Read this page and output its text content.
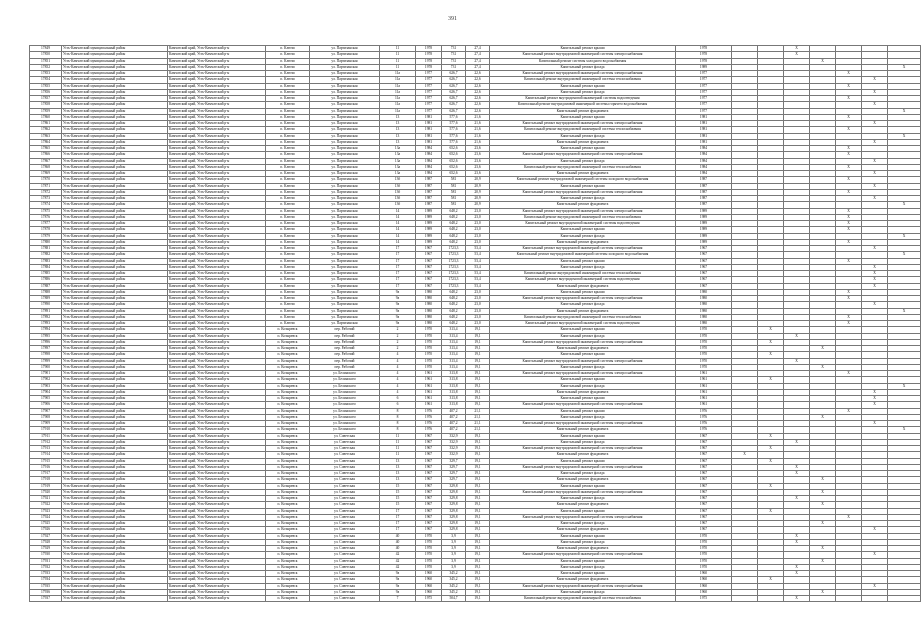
391
17849	Усть-Камчатский муниципальный район	Камчатский край, Усть-Камчатский р-н	п. Ключи	ул. Партизанская	11	1978	731	27,4	Капитальный ремонт крыши	1978			X				
17850	Усть-Камчатский муниципальный район	Камчатский край, Усть-Камчатский р-н	п. Ключи	ул. Партизанская	11	1978	731	27,4	Капитальный ремонт внутридомовой инженерной системы электроснабжения	1978			X				
17851	Усть-Камчатский муниципальный район	Камчатский край, Усть-Камчатский р-н	п. Ключи	ул. Партизанская	11	1978	731	27,4	Капитальный ремонт системы холодного водоснабжения	1978				X			
17852	Усть-Камчатский муниципальный район	Камчатский край, Усть-Камчатский р-н	п. Ключи	ул. Партизанская	11	1978	731	27,4	Капитальный ремонт фасада	1989							X
17853	Усть-Камчатский муниципальный район	Камчатский край, Усть-Камчатский р-н	п. Ключи	ул. Партизанская	11а	1977	626,7	22,6	Капитальный ремонт внутридомовой инженерной системы электроснабжения	1977					X		
17854	Усть-Камчатский муниципальный район	Камчатский край, Усть-Камчатский р-н	п. Ключи	ул. Партизанская	11а	1977	626,7	22,6	Капитальный ремонт внутридомовой инженерной системы теплоснабжения	1977						X	
17855	Усть-Камчатский муниципальный район	Камчатский край, Усть-Камчатский р-н	п. Ключи	ул. Партизанская	11а	1977	626,7	22,6	Капитальный ремонт крыши	1977					X		
17856	Усть-Камчатский муниципальный район	Камчатский край, Усть-Камчатский р-н	п. Ключи	ул. Партизанская	11а	1977	626,7	22,6	Капитальный ремонт фасада	1977						X	
17857	Усть-Камчатский муниципальный район	Камчатский край, Усть-Камчатский р-н	п. Ключи	ул. Партизанская	11а	1977	626,7	22,6	Капитальный ремонт внутридомовой инженерной системы водоотведения	1977					X		
17858	Усть-Камчатский муниципальный район	Камчатский край, Усть-Камчатский р-н	п. Ключи	ул. Партизанская	11а	1977	626,7	22,6	Капитальный ремонт внутридомовой инженерной системы горячего водоснабжения	1977						X	
17859	Усть-Камчатский муниципальный район	Камчатский край, Усть-Камчатский р-н	п. Ключи	ул. Партизанская	11а	1977	626,7	22,6	Капитальный ремонт фундамента	1977							X
17860	Усть-Камчатский муниципальный район	Камчатский край, Усть-Камчатский р-н	п. Ключи	ул. Партизанская	13	1981	577,6	21,6	Капитальный ремонт крыши	1981					X		
17861	Усть-Камчатский муниципальный район	Камчатский край, Усть-Камчатский р-н	п. Ключи	ул. Партизанская	13	1981	577,6	21,6	Капитальный ремонт внутридомовой инженерной системы электроснабжения	1981						X	
17862	Усть-Камчатский муниципальный район	Камчатский край, Усть-Камчатский р-н	п. Ключи	ул. Партизанская	13	1981	577,6	21,6	Капитальный ремонт внутридомовой инженерной системы теплоснабжения	1981					X		
17863	Усть-Камчатский муниципальный район	Камчатский край, Усть-Камчатский р-н	п. Ключи	ул. Партизанская	13	1981	577,6	21,6	Капитальный ремонт фасада	1981							X
17864	Усть-Камчатский муниципальный район	Камчатский край, Усть-Камчатский р-н	п. Ключи	ул. Партизанская	13	1981	577,6	21,6	Капитальный ремонт фундамента	1981						X	
17865	Усть-Камчатский муниципальный район	Камчатский край, Усть-Камчатский р-н	п. Ключи	ул. Партизанская	13а	1984	652,6	23,6	Капитальный ремонт крыши	1984					X		
17866	Усть-Камчатский муниципальный район	Камчатский край, Усть-Камчатский р-н	п. Ключи	ул. Партизанская	13а	1984	652,6	23,6	Капитальный ремонт внутридомовой инженерной системы электроснабжения	1984					X		
17867	Усть-Камчатский муниципальный район	Камчатский край, Усть-Камчатский р-н	п. Ключи	ул. Партизанская	13а	1984	652,6	23,6	Капитальный ремонт фасада	1984						X	
17868	Усть-Камчатский муниципальный район	Камчатский край, Усть-Камчатский р-н	п. Ключи	ул. Партизанская	13а	1984	652,6	23,6	Капитальный ремонт внутридомовой инженерной системы теплоснабжения	1984					X		
17869	Усть-Камчатский муниципальный район	Камчатский край, Усть-Камчатский р-н	п. Ключи	ул. Партизанская	13а	1984	652,6	23,6	Капитальный ремонт фундамента	1984						X	
17870	Усть-Камчатский муниципальный район	Камчатский край, Усть-Камчатский р-н	п. Ключи	ул. Партизанская	13б	1987	581	20,9	Капитальный ремонт внутридомовой инженерной системы холодного водоснабжения	1987					X		
17871	Усть-Камчатский муниципальный район	Камчатский край, Усть-Камчатский р-н	п. Ключи	ул. Партизанская	13б	1987	581	20,9	Капитальный ремонт крыши	1987						X	
17872	Усть-Камчатский муниципальный район	Камчатский край, Усть-Камчатский р-н	п. Ключи	ул. Партизанская	13б	1987	581	20,9	Капитальный ремонт внутридомовой инженерной системы электроснабжения	1987					X		
17873	Усть-Камчатский муниципальный район	Камчатский край, Усть-Камчатский р-н	п. Ключи	ул. Партизанская	13б	1987	581	20,9	Капитальный ремонт фасада	1987						X	
17874	Усть-Камчатский муниципальный район	Камчатский край, Усть-Камчатский р-н	п. Ключи	ул. Партизанская	13б	1987	581	20,9	Капитальный ремонт фундамента	1987							X
17875	Усть-Камчатский муниципальный район	Камчатский край, Усть-Камчатский р-н	п. Ключи	ул. Партизанская	14	1989	648,2	23,0	Капитальный ремонт внутридомовой инженерной системы электроснабжения	1989					X		
17876	Усть-Камчатский муниципальный район	Камчатский край, Усть-Камчатский р-н	п. Ключи	ул. Партизанская	14	1989	648,2	23,0	Капитальный ремонт внутридомовой инженерной системы теплоснабжения	1989					X		
17877	Усть-Камчатский муниципальный район	Камчатский край, Усть-Камчатский р-н	п. Ключи	ул. Партизанская	14	1989	648,2	23,0	Капитальный ремонт внутридомовой инженерной системы водоотведения	1989					X		
17878	Усть-Камчатский муниципальный район	Камчатский край, Усть-Камчатский р-н	п. Ключи	ул. Партизанская	14	1989	648,2	23,0	Капитальный ремонт крыши	1989					X		
17879	Усть-Камчатский муниципальный район	Камчатский край, Усть-Камчатский р-н	п. Ключи	ул. Партизанская	14	1989	648,2	23,0	Капитальный ремонт фасада	1989							X
17880	Усть-Камчатский муниципальный район	Камчатский край, Усть-Камчатский р-н	п. Ключи	ул. Партизанская	14	1989	648,2	23,0	Капитальный ремонт фундамента	1989					X		
17881	Усть-Камчатский муниципальный район	Камчатский край, Усть-Камчатский р-н	п. Ключи	ул. Партизанская	17	1967	1723,3	53,4	Капитальный ремонт внутридомовой инженерной системы электроснабжения	1967						X	
17882	Усть-Камчатский муниципальный район	Камчатский край, Усть-Камчатский р-н	п. Ключи	ул. Партизанская	17	1967	1723,3	53,4	Капитальный ремонт внутридомовой инженерной системы холодного водоснабжения	1967							X
17883	Усть-Камчатский муниципальный район	Камчатский край, Усть-Камчатский р-н	п. Ключи	ул. Партизанская	17	1967	1723,3	53,4	Капитальный ремонт крыши	1967					X		
17884	Усть-Камчатский муниципальный район	Камчатский край, Усть-Камчатский р-н	п. Ключи	ул. Партизанская	17	1967	1723,3	53,4	Капитальный ремонт фасада	1967						X	
17885	Усть-Камчатский муниципальный район	Камчатский край, Усть-Камчатский р-н	п. Ключи	ул. Партизанская	17	1967	1723,3	53,4	Капитальный ремонт внутридомовой инженерной системы теплоснабжения	1967						X	
17886	Усть-Камчатский муниципальный район	Камчатский край, Усть-Камчатский р-н	п. Ключи	ул. Партизанская	17	1967	1723,3	53,4	Капитальный ремонт внутридомовой инженерной системы водоотведения	1967						X	
17887	Усть-Камчатский муниципальный район	Камчатский край, Усть-Камчатский р-н	п. Ключи	ул. Партизанская	17	1967	1723,3	53,4	Капитальный ремонт фундамента	1967						X	
17888	Усть-Камчатский муниципальный район	Камчатский край, Усть-Камчатский р-н	п. Ключи	ул. Партизанская	9а	1980	648,2	23,0	Капитальный ремонт крыши	1980					X		
17889	Усть-Камчатский муниципальный район	Камчатский край, Усть-Камчатский р-н	п. Ключи	ул. Партизанская	9а	1980	648,2	23,0	Капитальный ремонт внутридомовой инженерной системы электроснабжения	1980					X		
17890	Усть-Камчатский муниципальный район	Камчатский край, Усть-Камчатский р-н	п. Ключи	ул. Партизанская	9а	1980	648,2	23,0	Капитальный ремонт фасада	1980						X	
17891	Усть-Камчатский муниципальный район	Камчатский край, Усть-Камчатский р-н	п. Ключи	ул. Партизанская	9а	1980	648,2	23,0	Капитальный ремонт фундамента	1980							X
17892	Усть-Камчатский муниципальный район	Камчатский край, Усть-Камчатский р-н	п. Ключи	ул. Партизанская	9а	1980	648,2	23,0	Капитальный ремонт внутридомовой инженерной системы теплоснабжения	1980					X		
17893	Усть-Камчатский муниципальный район	Камчатский край, Усть-Камчатский р-н	п. Ключи	ул. Партизанская	9а	1980	648,2	23,0	Капитальный ремонт внутридомовой инженерной системы водоотведения	1980					X		
17894	Усть-Камчатский муниципальный район	Камчатский край, Усть-Камчатский р-н	п. Козыревск	пер. Рабочий	2	1970	313,4	19,1	Капитальный ремонт крыши	1970		X					
17895	Усть-Камчатский муниципальный район	Камчатский край, Усть-Камчатский р-н	п. Козыревск	пер. Рабочий	2	1970	313,4	19,1	Капитальный ремонт фасада	1970			X				
17896	Усть-Камчатский муниципальный район	Камчатский край, Усть-Камчатский р-н	п. Козыревск	пер. Рабочий	2	1970	313,4	19,1	Капитальный ремонт внутридомовой инженерной системы электроснабжения	1970		X					
17897	Усть-Камчатский муниципальный район	Камчатский край, Усть-Камчатский р-н	п. Козыревск	пер. Рабочий	2	1970	313,4	19,1	Капитальный ремонт фундамента	1970				X			
17898	Усть-Камчатский муниципальный район	Камчатский край, Усть-Камчатский р-н	п. Козыревск	пер. Рабочий	4	1970	313,4	19,1	Капитальный ремонт крыши	1970		X					
17899	Усть-Камчатский муниципальный район	Камчатский край, Усть-Камчатский р-н	п. Козыревск	пер. Рабочий	4	1970	313,4	19,1	Капитальный ремонт внутридомовой инженерной системы электроснабжения	1970			X				
17900	Усть-Камчатский муниципальный район	Камчатский край, Усть-Камчатский р-н	п. Козыревск	пер. Рабочий	4	1970	313,4	19,1	Капитальный ремонт фасада	1970				X			
17901	Усть-Камчатский муниципальный район	Камчатский край, Усть-Камчатский р-н	п. Козыревск	ул. Белинского	4	1961	313,8	19,1	Капитальный ремонт внутридомовой инженерной системы электроснабжения	1961					X		
17902	Усть-Камчатский муниципальный район	Камчатский край, Усть-Камчатский р-н	п. Козыревск	ул. Белинского	4	1961	313,8	19,1	Капитальный ремонт крыши	1961		X					
17903	Усть-Камчатский муниципальный район	Камчатский край, Усть-Камчатский р-н	п. Козыревск	ул. Белинского	4	1961	313,8	19,1	Капитальный ремонт фасада	1961							X
17904	Усть-Камчатский муниципальный район	Камчатский край, Усть-Камчатский р-н	п. Козыревск	ул. Белинского	4	1961	313,8	19,1	Капитальный ремонт фундамента	1961						X	
17905	Усть-Камчатский муниципальный район	Камчатский край, Усть-Камчатский р-н	п. Козыревск	ул. Белинского	6	1961	313,8	19,1	Капитальный ремонт крыши	1961						X	
17906	Усть-Камчатский муниципальный район	Камчатский край, Усть-Камчатский р-н	п. Козыревск	ул. Белинского	6	1961	313,8	19,1	Капитальный ремонт внутридомовой инженерной системы электроснабжения	1961						X	
17907	Усть-Камчатский муниципальный район	Камчатский край, Усть-Камчатский р-н	п. Козыревск	ул. Белинского	8	1976	407,2	21,1	Капитальный ремонт крыши	1976					X		
17908	Усть-Камчатский муниципальный район	Камчатский край, Усть-Камчатский р-н	п. Козыревск	ул. Белинского	8	1976	407,2	21,1	Капитальный ремонт фасада	1976				X			
17909	Усть-Камчатский муниципальный район	Камчатский край, Усть-Камчатский р-н	п. Козыревск	ул. Белинского	8	1976	407,2	21,1	Капитальный ремонт внутридомовой инженерной системы электроснабжения	1976						X	
17910	Усть-Камчатский муниципальный район	Камчатский край, Усть-Камчатский р-н	п. Козыревск	ул. Белинского	8	1976	407,2	21,1	Капитальный ремонт фундамента	1976							X
17911	Усть-Камчатский муниципальный район	Камчатский край, Усть-Камчатский р-н	п. Козыревск	ул. Советская	11	1967	332,9	19,1	Капитальный ремонт крыши	1967		X					
17912	Усть-Камчатский муниципальный район	Камчатский край, Усть-Камчатский р-н	п. Козыревск	ул. Советская	11	1967	332,9	19,1	Капитальный ремонт фасада	1967			X				
17913	Усть-Камчатский муниципальный район	Камчатский край, Усть-Камчатский р-н	п. Козыревск	ул. Советская	11	1967	332,9	19,1	Капитальный ремонт внутридомовой инженерной системы электроснабжения	1967		X					
17914	Усть-Камчатский муниципальный район	Камчатский край, Усть-Камчатский р-н	п. Козыревск	ул. Советская	11	1967	332,9	19,1	Капитальный ремонт фундамента	1967	X						
17915	Усть-Камчатский муниципальный район	Камчатский край, Усть-Камчатский р-н	п. Козыревск	ул. Советская	13	1967	329,7	19,1	Капитальный ремонт крыши	1967		X					
17916	Усть-Камчатский муниципальный район	Камчатский край, Усть-Камчатский р-н	п. Козыревск	ул. Советская	13	1967	329,7	19,1	Капитальный ремонт внутридомовой инженерной системы электроснабжения	1967			X				
17917	Усть-Камчатский муниципальный район	Камчатский край, Усть-Камчатский р-н	п. Козыревск	ул. Советская	13	1967	329,7	19,1	Капитальный ремонт фасада	1967			X				
17918	Усть-Камчатский муниципальный район	Камчатский край, Усть-Камчатский р-н	п. Козыревск	ул. Советская	13	1967	329,7	19,1	Капитальный ремонт фундамента	1967				X			
17919	Усть-Камчатский муниципальный район	Камчатский край, Усть-Камчатский р-н	п. Козыревск	ул. Советская	15	1967	329,8	19,1	Капитальный ремонт крыши	1967		X					
17920	Усть-Камчатский муниципальный район	Камчатский край, Усть-Камчатский р-н	п. Козыревск	ул. Советская	15	1967	329,8	19,1	Капитальный ремонт внутридомовой инженерной системы электроснабжения	1967				X			
17921	Усть-Камчатский муниципальный район	Камчатский край, Усть-Камчатский р-н	п. Козыревск	ул. Советская	15	1967	329,8	19,1	Капитальный ремонт фасада	1967			X				
17922	Усть-Камчатский муниципальный район	Камчатский край, Усть-Камчатский р-н	п. Козыревск	ул. Советская	15	1967	329,8	19,1	Капитальный ремонт фундамента	1967				X			
17923	Усть-Камчатский муниципальный район	Камчатский край, Усть-Камчатский р-н	п. Козыревск	ул. Советская	17	1967	329,8	19,1	Капитальный ремонт крыши	1967		X					
17924	Усть-Камчатский муниципальный район	Камчатский край, Усть-Камчатский р-н	п. Козыревск	ул. Советская	17	1967	329,8	19,1	Капитальный ремонт внутридомовой инженерной системы электроснабжения	1967					X		
17925	Усть-Камчатский муниципальный район	Камчатский край, Усть-Камчатский р-н	п. Козыревск	ул. Советская	17	1967	329,8	19,1	Капитальный ремонт фасада	1967				X			
17926	Усть-Камчатский муниципальный район	Камчатский край, Усть-Камчатский р-н	п. Козыревск	ул. Советская	17	1967	329,8	19,1	Капитальный ремонт фундамента	1967						X	
17927	Усть-Камчатский муниципальный район	Камчатский край, Усть-Камчатский р-н	п. Козыревск	ул. Советская	40	1970	3,9	19,1	Капитальный ремонт крыши	1970			X				
17928	Усть-Камчатский муниципальный район	Камчатский край, Усть-Камчатский р-н	п. Козыревск	ул. Советская	40	1970	3,9	19,1	Капитальный ремонт фасада	1970			X				
17929	Усть-Камчатский муниципальный район	Камчатский край, Усть-Камчатский р-н	п. Козыревск	ул. Советская	40	1970	3,9	19,1	Капитальный ремонт фундамента	1970				X			
17930	Усть-Камчатский муниципальный район	Камчатский край, Усть-Камчатский р-н	п. Козыревск	ул. Советская	42	1970	3,9	19,1	Капитальный ремонт внутридомовой инженерной системы электроснабжения	1970						X	
17931	Усть-Камчатский муниципальный район	Камчатский край, Усть-Камчатский р-н	п. Козыревск	ул. Советская	42	1970	3,9	19,1	Капитальный ремонт крыши	1970				X			
17932	Усть-Камчатский муниципальный район	Камчатский край, Усть-Камчатский р-н	п. Козыревск	ул. Советская	42	1970	3,9	19,1	Капитальный ремонт фасада	1970			X				
17933	Усть-Камчатский муниципальный район	Камчатский край, Усть-Камчатский р-н	п. Козыревск	ул. Советская	9а	1960	345,2	19,1	Капитальный ремонт крыши	1960			X				
17934	Усть-Камчатский муниципальный район	Камчатский край, Усть-Камчатский р-н	п. Козыревск	ул. Советская	9а	1960	345,2	19,1	Капитальный ремонт фундамента	1960		X					
17935	Усть-Камчатский муниципальный район	Камчатский край, Усть-Камчатский р-н	п. Козыревск	ул. Советская	9а	1960	345,2	19,1	Капитальный ремонт внутридомовой инженерной системы электроснабжения	1960						X	
17936	Усть-Камчатский муниципальный район	Камчатский край, Усть-Камчатский р-н	п. Козыревск	ул. Советская	9а	1960	345,2	19,1	Капитальный ремонт фасада	1960				X			
17937	Усть-Камчатский муниципальный район	Камчатский край, Усть-Камчатский р-н	п. Козыревск	ул. Советская	7	1975	504,7	19,1	Капитальный ремонт внутридомовой инженерной системы теплоснабжения	1975			X				
